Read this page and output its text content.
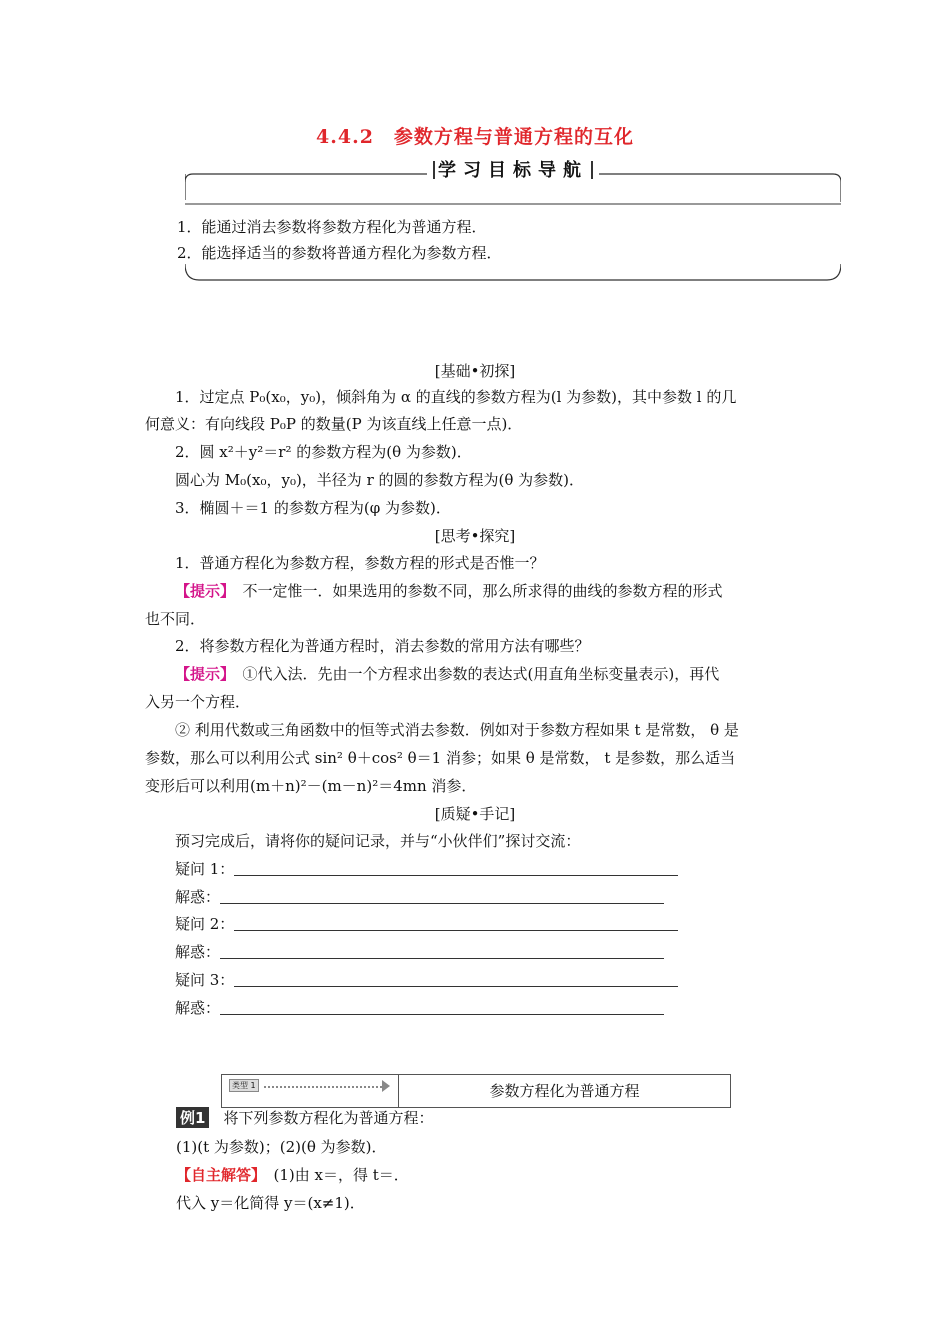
4.4.2　参数方程与普通方程的互化
学习目标导航
1．能通过消去参数将参数方程化为普通方程．
2．能选择适当的参数将普通方程化为参数方程．
[基础•初探]
1．过定点 P₀(x₀，y₀)，倾斜角为 α 的直线的参数方程为(l 为参数)，其中参数 l 的几
何意义：有向线段 P₀P 的数量(P 为该直线上任意一点)．
2．圆 x²＋y²＝r² 的参数方程为(θ 为参数)．
圆心为 M₀(x₀，y₀)，半径为 r 的圆的参数方程为(θ 为参数)．
3．椭圆＋＝1 的参数方程为(φ 为参数)．
[思考•探究]
1．普通方程化为参数方程，参数方程的形式是否惟一？
【提示】　不一定惟一．如果选用的参数不同，那么所求得的曲线的参数方程的形式
也不同．
2．将参数方程化为普通方程时，消去参数的常用方法有哪些？
【提示】　①代入法．先由一个方程求出参数的表达式(用直角坐标变量表示)，再代
入另一个方程．
② 利用代数或三角函数中的恒等式消去参数．例如对于参数方程如果 t 是常数， θ 是
参数，那么可以利用公式 sin² θ＋cos² θ＝1 消参；如果 θ 是常数， t 是参数，那么适当
变形后可以利用(m＋n)²－(m－n)²＝4mn 消参．
[质疑•手记]
预习完成后，请将你的疑问记录，并与“小伙伴们”探讨交流：
疑问 1：
解惑：
疑问 2：
解惑：
疑问 3：
解惑：
类型 1	参数方程化为普通方程
例1 将下列参数方程化为普通方程：
(1)(t 为参数)；(2)(θ 为参数)．
【自主解答】　(1)由 x＝，得 t＝．
代入 y＝化简得 y＝(x≠1)．
